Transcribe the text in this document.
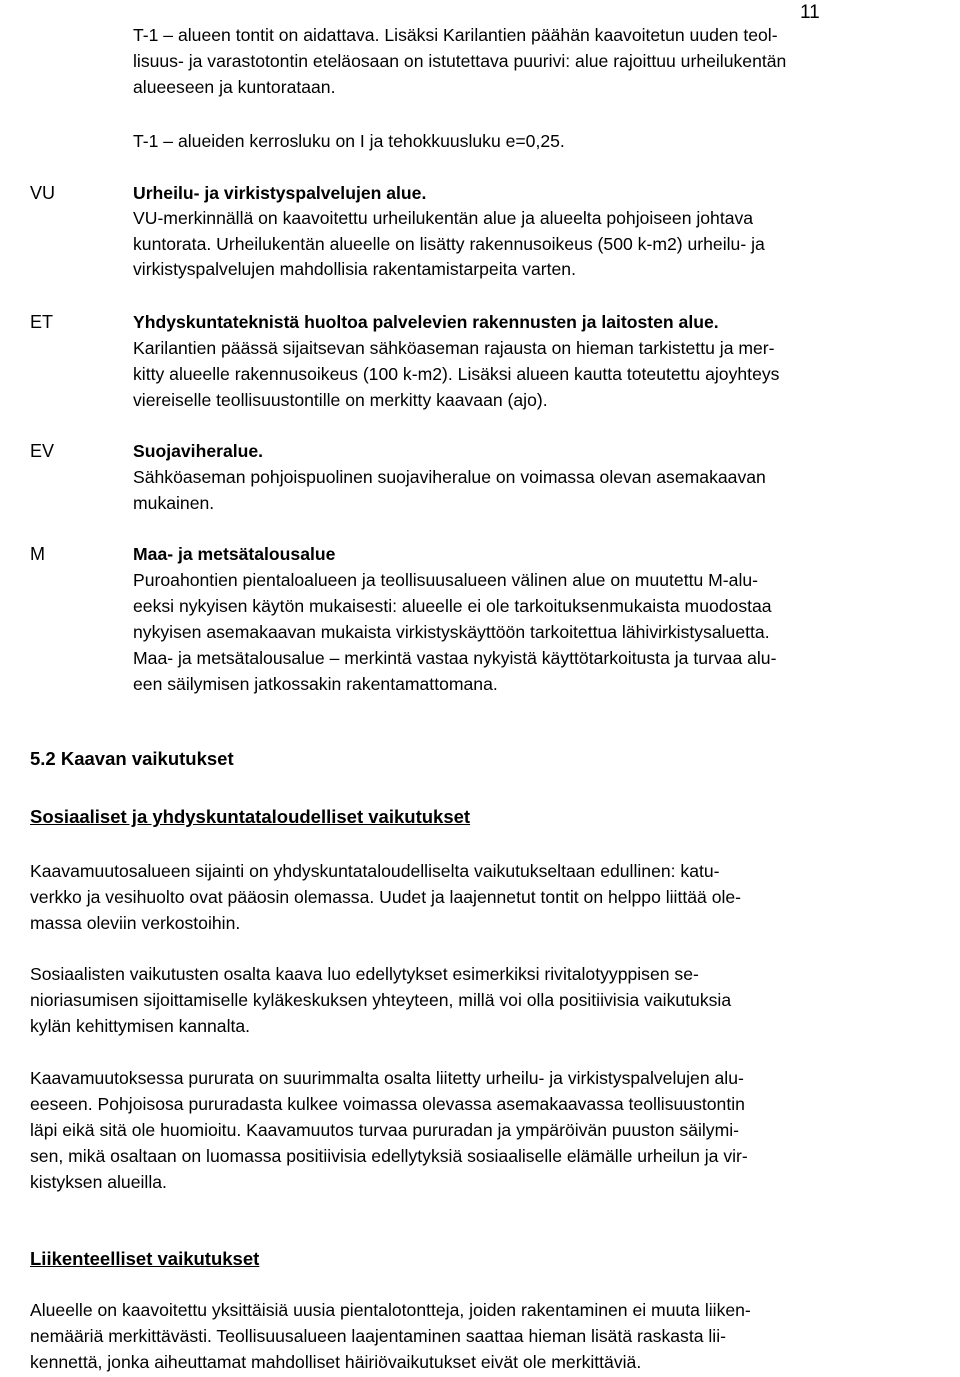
11
T-1 – alueen tontit on aidattava. Lisäksi Karilantien päähän kaavoitetun uuden teol-
lisuus- ja varastotontin eteläosaan on istutettava puurivi: alue rajoittuu urheilukentän
alueeseen ja kuntorataan.
T-1 – alueiden kerrosluku on I ja tehokkuusluku e=0,25.
VU	Urheilu- ja virkistyspalvelujen alue.
VU-merkinnällä on kaavoitettu urheilukentän alue ja alueelta pohjoiseen johtava
kuntorata. Urheilukentän alueelle on lisätty rakennusoikeus (500 k-m2) urheilu- ja
virkistyspalvelujen mahdollisia rakentamistarpeita varten.
ET	Yhdyskuntateknistä huoltoa palvelevien rakennusten ja laitosten alue.
Karilantien päässä sijaitsevan sähköaseman rajausta on hieman tarkistettu ja mer-
kitty alueelle rakennusoikeus (100 k-m2). Lisäksi alueen kautta toteutettu ajoyhteys
viereiselle teollisuustontille on merkitty kaavaan (ajo).
EV	Suojaviheralue.
Sähköaseman pohjoispuolinen suojaviheralue on voimassa olevan asemakaavan
mukainen.
M	Maa- ja metsätalousalue
Puroahontien pientaloalueen ja teollisuusalueen välinen alue on muutettu M-alu-
eeksi nykyisen käytön mukaisesti: alueelle ei ole tarkoituksenmukaista muodostaa
nykyisen asemakaavan mukaista virkistyskäyttöön tarkoitettua lähivirkistysaluetta.
Maa- ja metsätalousalue – merkintä vastaa nykyistä käyttötarkoitusta ja turvaa alu-
een säilymisen jatkossakin rakentamattomana.
5.2 Kaavan vaikutukset
Sosiaaliset ja yhdyskuntataloudelliset vaikutukset
Kaavamuutosalueen sijainti on yhdyskuntataloudelliselta vaikutukseltaan edullinen: katu-
verkko ja vesihuolto ovat pääosin olemassa. Uudet ja laajennetut tontit on helppo liittää ole-
massa oleviin verkostoihin.
Sosiaalisten vaikutusten osalta kaava luo edellytykset esimerkiksi rivitalotyyppisen se-
nioriasumisen sijoittamiselle kyläkeskuksen yhteyteen, millä voi olla positiivisia vaikutuksia
kylän kehittymisen kannalta.
Kaavamuutoksessa pururata on suurimmalta osalta liitetty urheilu- ja virkistyspalvelujen alu-
eeseen. Pohjoisosa pururadasta kulkee voimassa olevassa asemakaavassa teollisuustontin
läpi eikä sitä ole huomioitu. Kaavamuutos turvaa pururadan ja ympäröivän puuston säilymi-
sen, mikä osaltaan on luomassa positiivisia edellytyksiä sosiaaliselle elämälle urheilun ja vir-
kistyksen alueilla.
Liikenteelliset vaikutukset
Alueelle on kaavoitettu yksittäisiä uusia pientalotontteja, joiden rakentaminen ei muuta liiken-
nemääriä merkittävästi. Teollisuusalueen laajentaminen saattaa hieman lisätä raskasta lii-
kennettä, jonka aiheuttamat mahdolliset häiriövaikutukset eivät ole merkittäviä.
